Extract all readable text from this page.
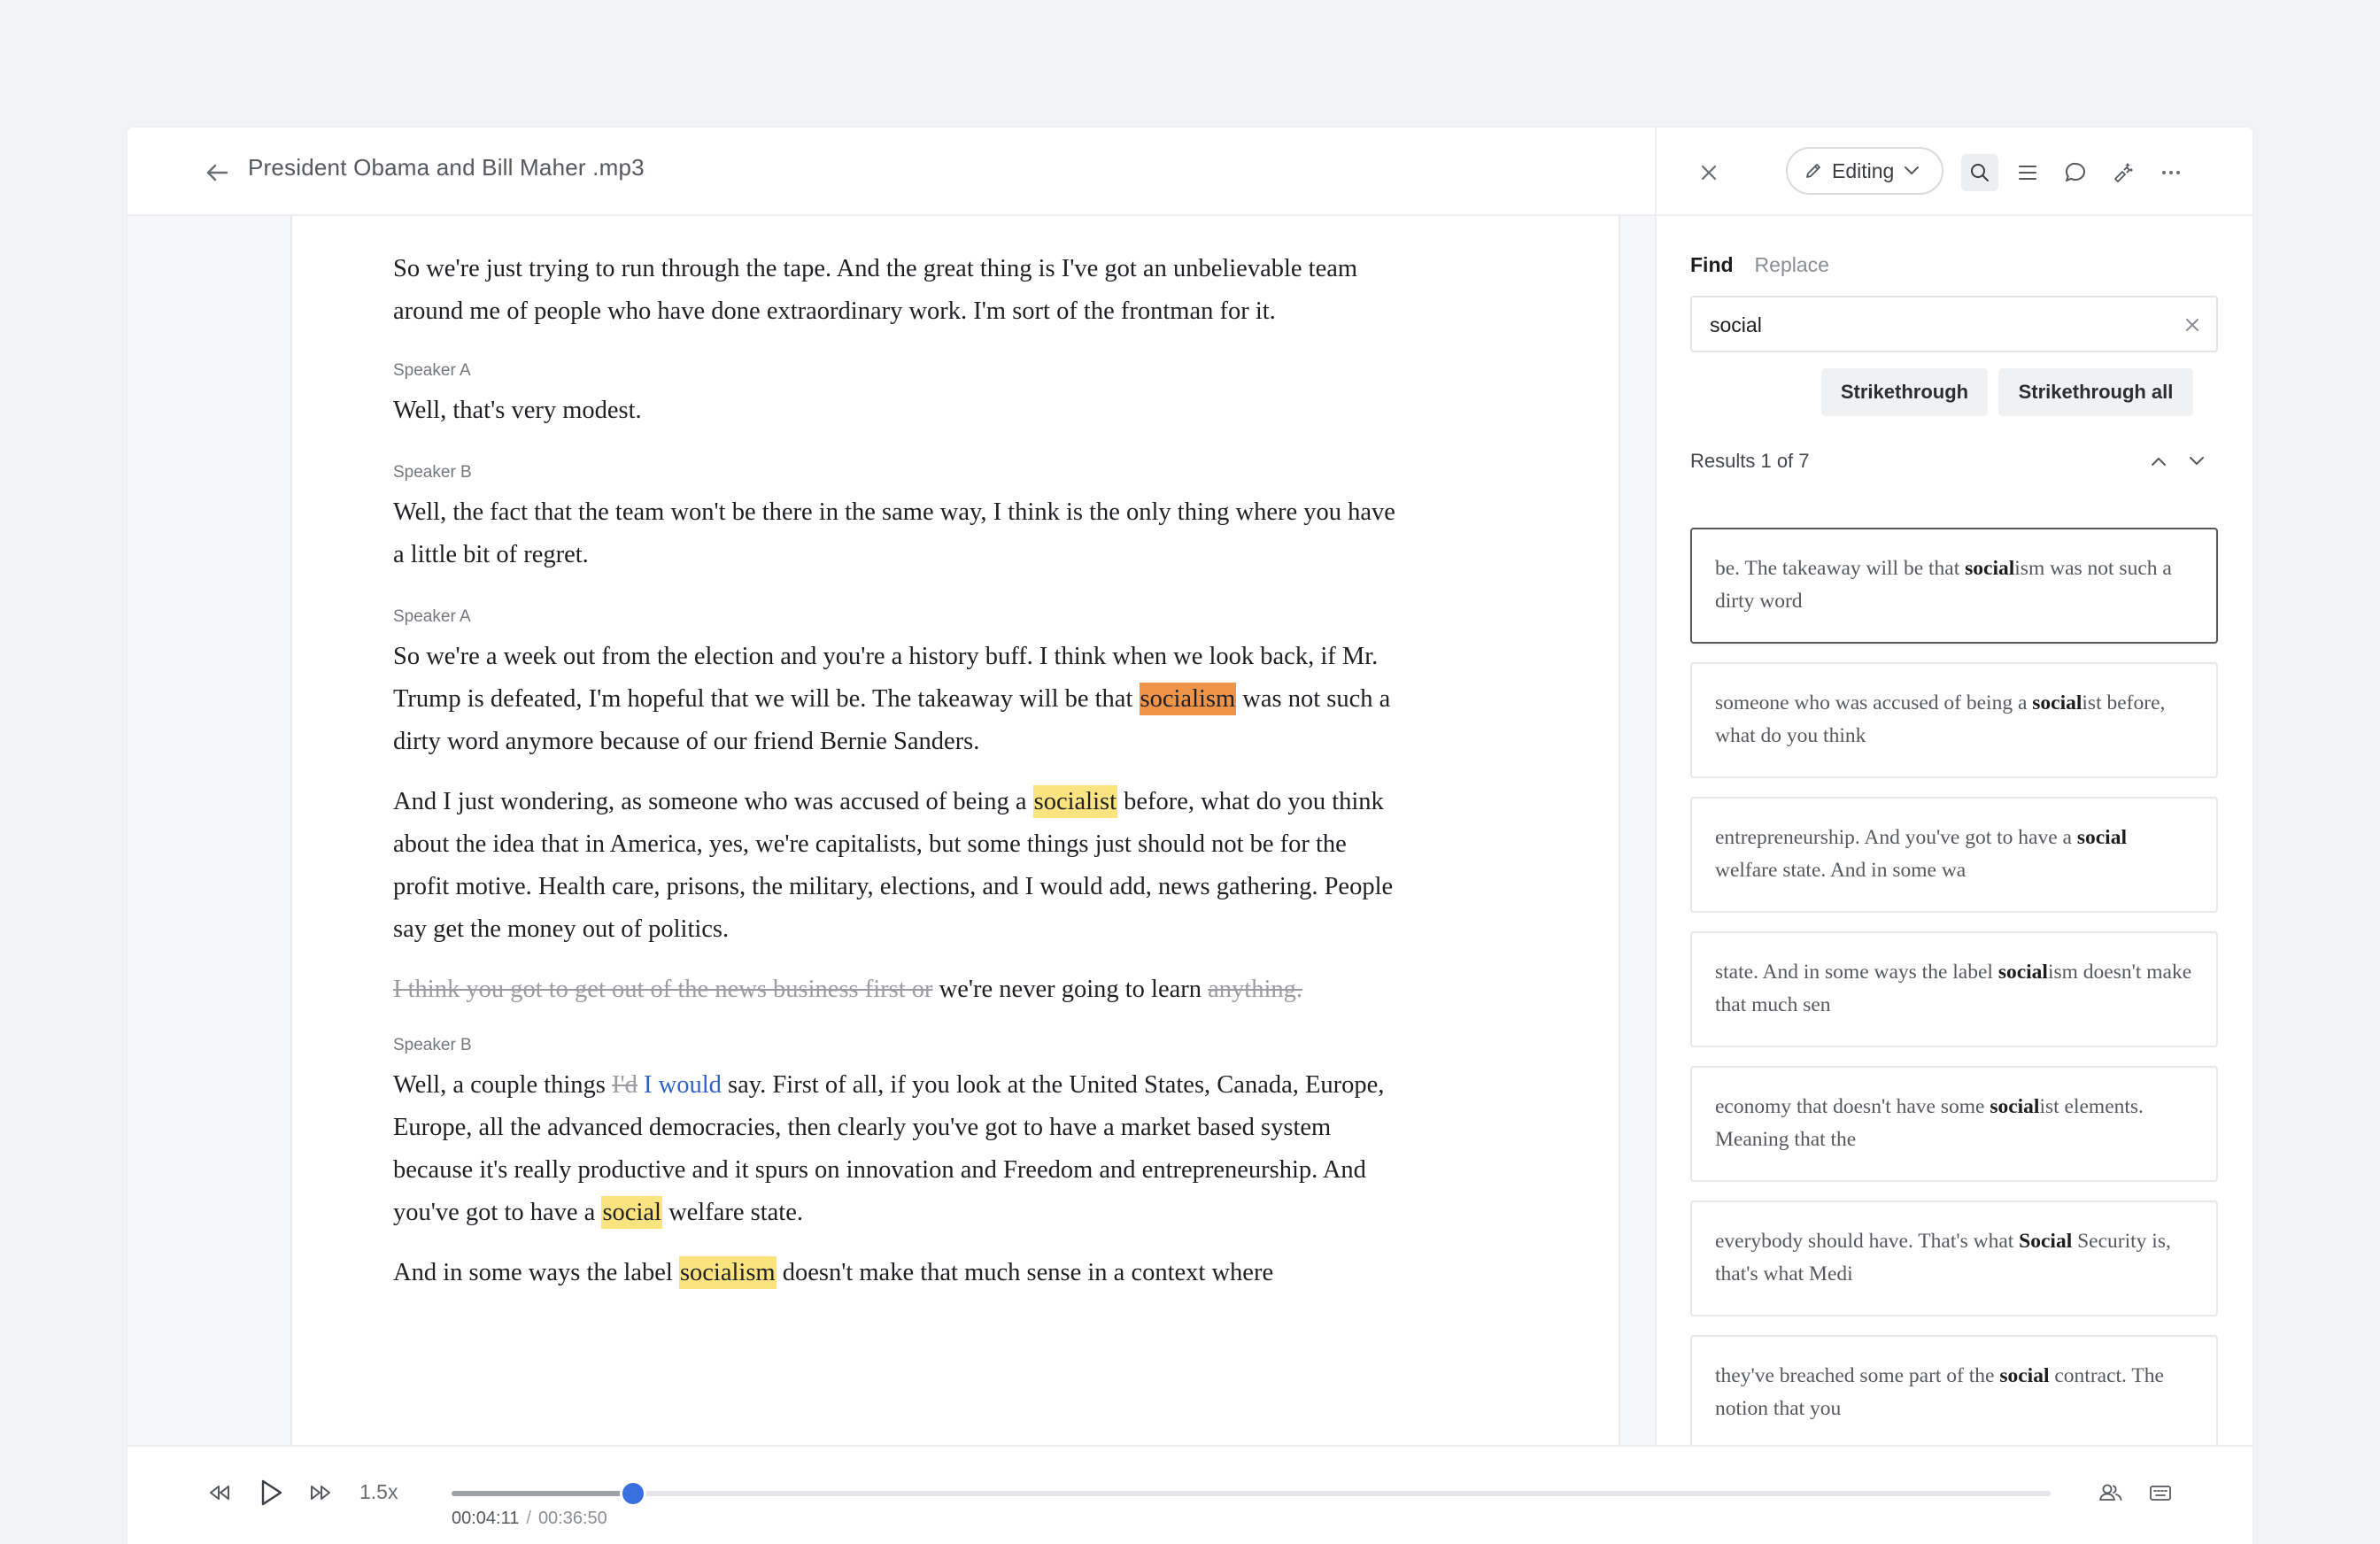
President Obama and Bill Maher .mp3

So we're just trying to run through the tape. And the great thing is I've got an unbelievable team around me of people who have done extraordinary work. I'm sort of the frontman for it.

Speaker A

Well, that's very modest.

Speaker B

Well, the fact that the team won't be there in the same way, I think is the only thing where you have a little bit of regret.

Speaker A

So we're a week out from the election and you're a history buff. I think when we look back, if Mr. Trump is defeated, I'm hopeful that we will be. The takeaway will be that socialism was not such a dirty word anymore because of our friend Bernie Sanders.

And I just wondering, as someone who was accused of being a socialist before, what do you think about the idea that in America, yes, we're capitalists, but some things just should not be for the profit motive. Health care, prisons, the military, elections, and I would add, news gathering. People say get the money out of politics.

I think you got to get out of the news business first or we're never going to learn anything.

Speaker B

Well, a couple things I'd I would say. First of all, if you look at the United States, Canada, Europe, Europe, all the advanced democracies, then clearly you've got to have a market based system because it's really productive and it spurs on innovation and Freedom and entrepreneurship. And you've got to have a social welfare state.

And in some ways the label socialism doesn't make that much sense in a context where

Editing
Find Replace
social
Strikethrough	Strikethrough all
Results 1 of 7
be. The takeaway will be that socialism was not such a dirty word
someone who was accused of being a socialist before, what do you think
entrepreneurship. And you've got to have a social welfare state. And in some wa
state. And in some ways the label socialism doesn't make that much sen
economy that doesn't have some socialist elements. Meaning that the
everybody should have. That's what Social Security is, that's what Medi
they've breached some part of the social contract. The notion that you
1.5x
00:04:11 / 00:36:50
